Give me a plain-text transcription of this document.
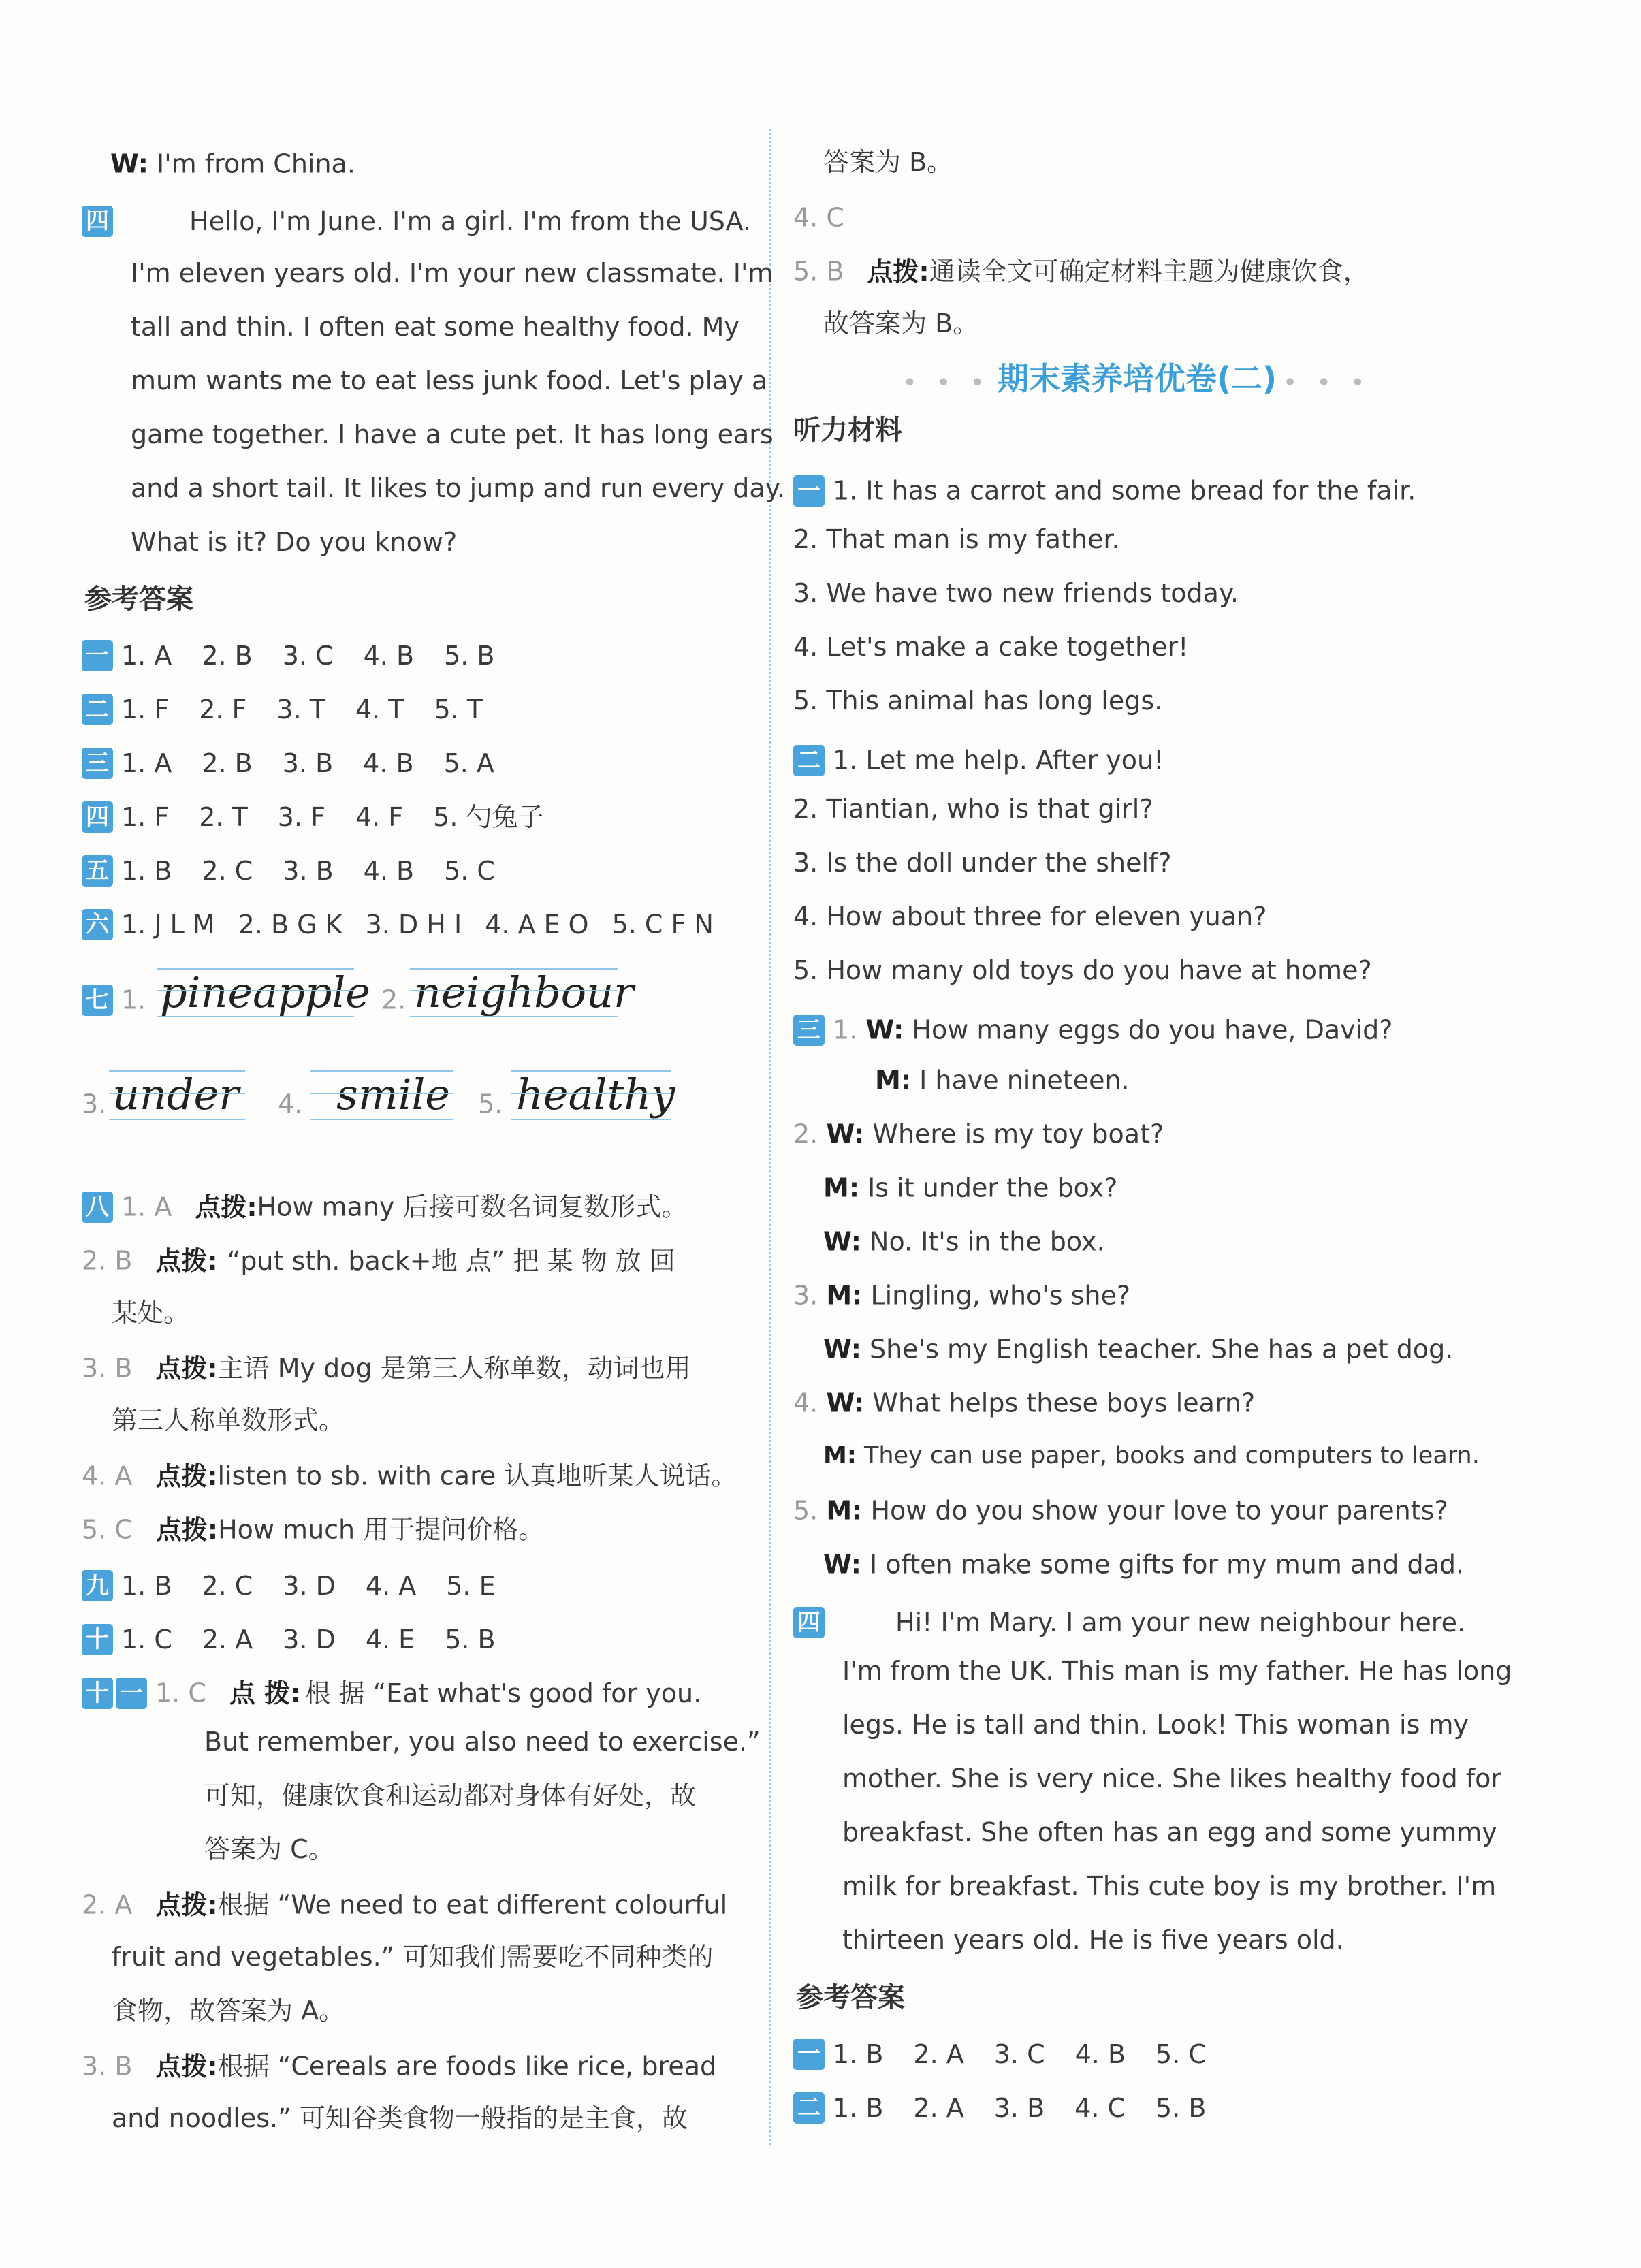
W: I'm from China.
四	Hello, I'm June. I'm a girl. I'm from the USA.
I'm eleven years old. I'm your new classmate. I'm
tall and thin. I often eat some healthy food. My
mum wants me to eat less junk food. Let's play a
game together. I have a cute pet. It has long ears
and a short tail. It likes to jump and run every day.
What is it? Do you know?
参考答案
一 1. A 2. B 3. C 4. B 5. B
二 1. F 2. F 3. T 4. T 5. T
三 1. A 2. B 3. B 4. B 5. A
四 1. F 2. T 3. F 4. F 5. 勺兔子
五 1. B 2. C 3. B 4. B 5. C
六 1. J L M 2. B G K 3. D H I 4. A E O 5. C F N
七 1. pineapple 2. neighbour
3. under 4. smile 5. healthy
八 1. A 点拨:How many 后接可数名词复数形式。
2. B 点拨: “put sth. back+地 点” 把 某 物 放 回
某处。
3. B 点拨:主语 My dog 是第三人称单数，动词也用
第三人称单数形式。
4. A 点拨:listen to sb. with care 认真地听某人说话。
5. C 点拨:How much 用于提问价格。
九 1. B 2. C 3. D 4. A 5. E
十 1. C 2. A 3. D 4. E 5. B
十 一 1. C 点 拨: 根 据 “Eat what's good for you.
But remember, you also need to exercise.”
可知，健康饮食和运动都对身体有好处，故
答案为 C。
2. A 点拨:根据 “We need to eat different colourful
fruit and vegetables.” 可知我们需要吃不同种类的
食物，故答案为 A。
3. B 点拨:根据 “Cereals are foods like rice, bread
and noodles.” 可知谷类食物一般指的是主食，故
答案为 B。
4. C
5. B 点拨:通读全文可确定材料主题为健康饮食，
故答案为 B。
• • • 期末素养培优卷(二) • • •
听力材料
一 1. It has a carrot and some bread for the fair.
2. That man is my father.
3. We have two new friends today.
4. Let's make a cake together!
5. This animal has long legs.
二 1. Let me help. After you!
2. Tiantian, who is that girl?
3. Is the doll under the shelf?
4. How about three for eleven yuan?
5. How many old toys do you have at home?
三 1. W: How many eggs do you have, David?
M: I have nineteen.
2. W: Where is my toy boat?
M: Is it under the box?
W: No. It's in the box.
3. M: Lingling, who's she?
W: She's my English teacher. She has a pet dog.
4. W: What helps these boys learn?
M: They can use paper, books and computers to learn.
5. M: How do you show your love to your parents?
W: I often make some gifts for my mum and dad.
四	Hi! I'm Mary. I am your new neighbour here.
I'm from the UK. This man is my father. He has long
legs. He is tall and thin. Look! This woman is my
mother. She is very nice. She likes healthy food for
breakfast. She often has an egg and some yummy
milk for breakfast. This cute boy is my brother. I'm
thirteen years old. He is five years old.
参考答案
一 1. B 2. A 3. C 4. B 5. C
二 1. B 2. A 3. B 4. C 5. B
